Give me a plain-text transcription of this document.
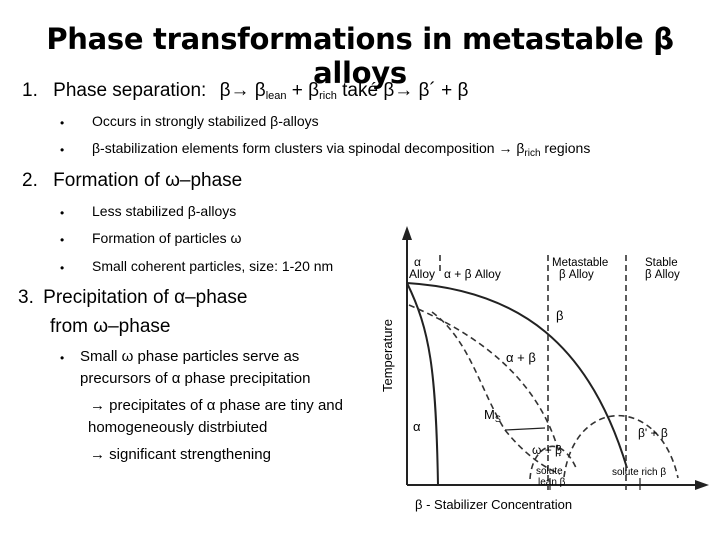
Phase transformations in metastable β alloys
1. Phase separation: β→ βlean + βrich také β→ β´ + β
• Occurs in strongly stabilized β-alloys
• β-stabilization elements form clusters via spinodal decomposition → $\beta_{rich}$ regions
2. Formation of ω–phase
• Less stabilized β-alloys
• Formation of particles ω
• Small coherent particles, size: 1-20 nm
3. Precipitation of α–phase
from ω–phase
• Small ω phase particles serve as
precursors of α phase precipitation
→ precipitates of α phase are tiny and
homogeneously distrbiuted
→ significant strengthening
Temperature
β - Stabilizer Concentration
α
Alloy α + β Alloy
Metastable
β Alloy
Stable
β Alloy
β
α + β
$M_S$
α
ω + β
β' + β
solute
lean β
solute rich β
